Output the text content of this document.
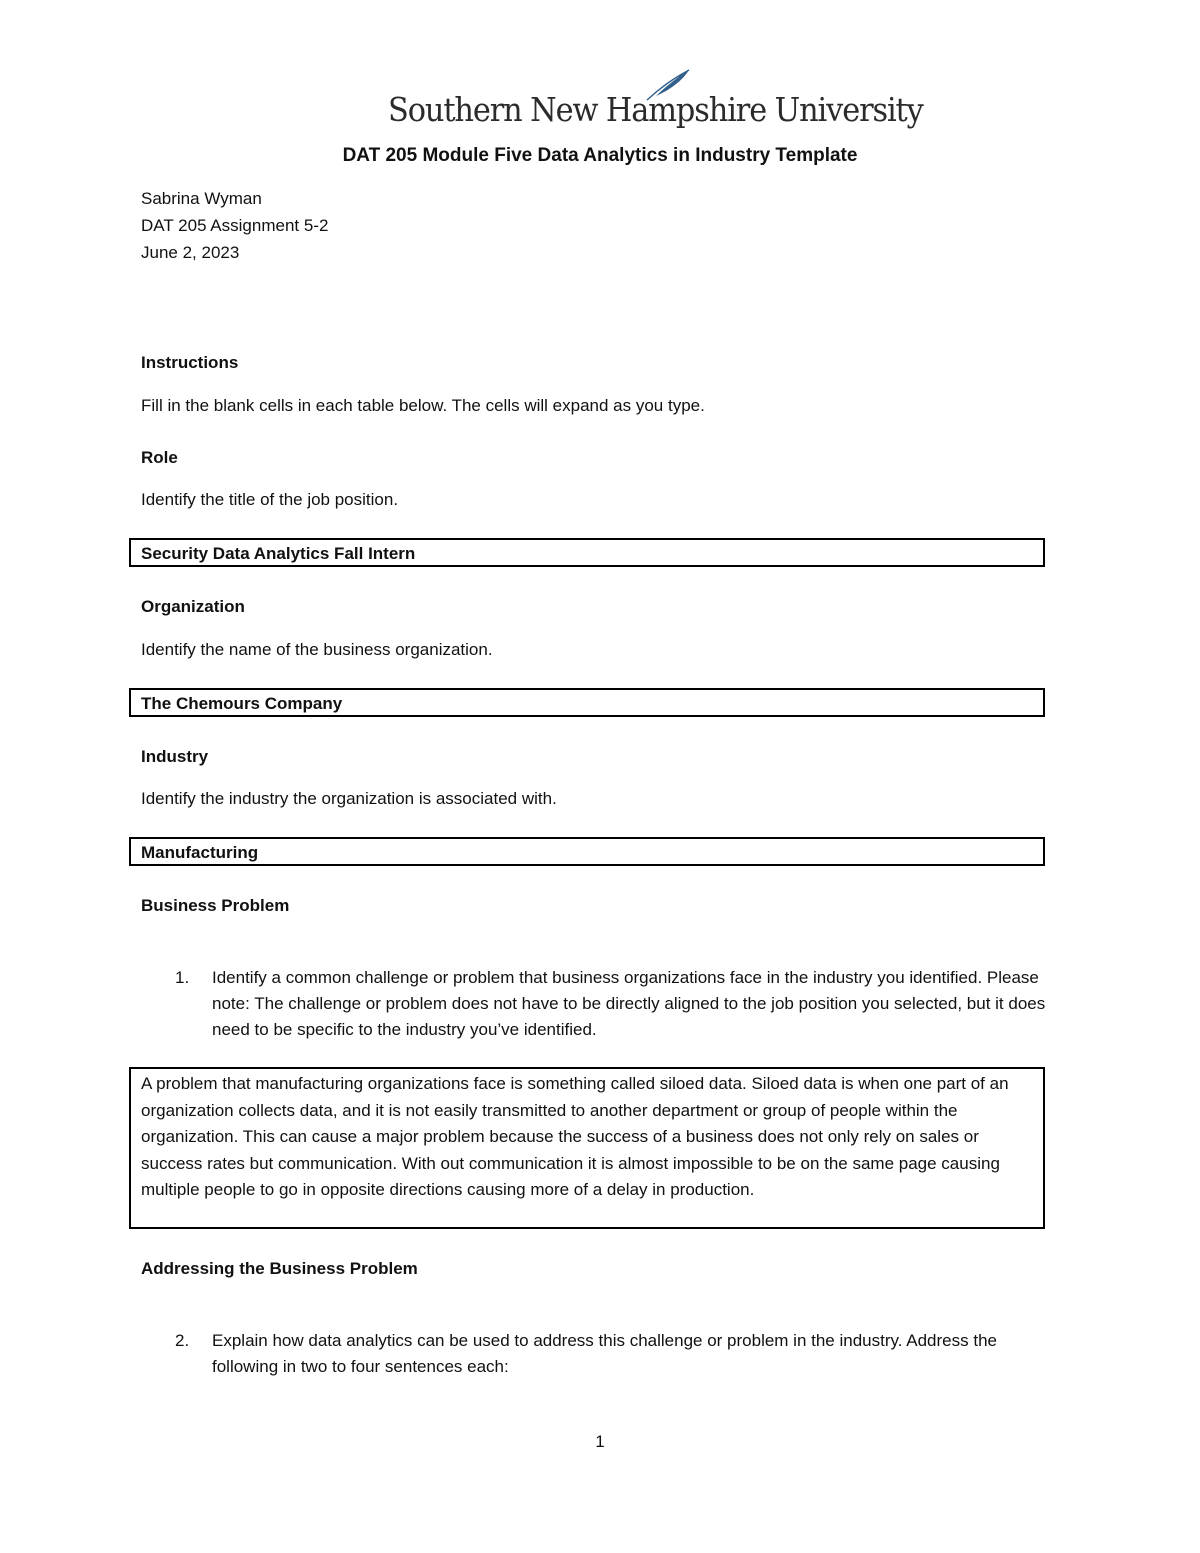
Southern New Hampshire University
DAT 205 Module Five Data Analytics in Industry Template
Sabrina Wyman
DAT 205 Assignment 5-2
June 2, 2023
Instructions
Fill in the blank cells in each table below. The cells will expand as you type.
Role
Identify the title of the job position.
Security Data Analytics Fall Intern
Organization
Identify the name of the business organization.
The Chemours Company
Industry
Identify the industry the organization is associated with.
Manufacturing
Business Problem
1. Identify a common challenge or problem that business organizations face in the industry you identified. Please note: The challenge or problem does not have to be directly aligned to the job position you selected, but it does need to be specific to the industry you’ve identified.
A problem that manufacturing organizations face is something called siloed data. Siloed data is when one part of an organization collects data, and it is not easily transmitted to another department or group of people within the organization. This can cause a major problem because the success of a business does not only rely on sales or success rates but communication. With out communication it is almost impossible to be on the same page causing multiple people to go in opposite directions causing more of a delay in production.
Addressing the Business Problem
2. Explain how data analytics can be used to address this challenge or problem in the industry. Address the following in two to four sentences each:
1
